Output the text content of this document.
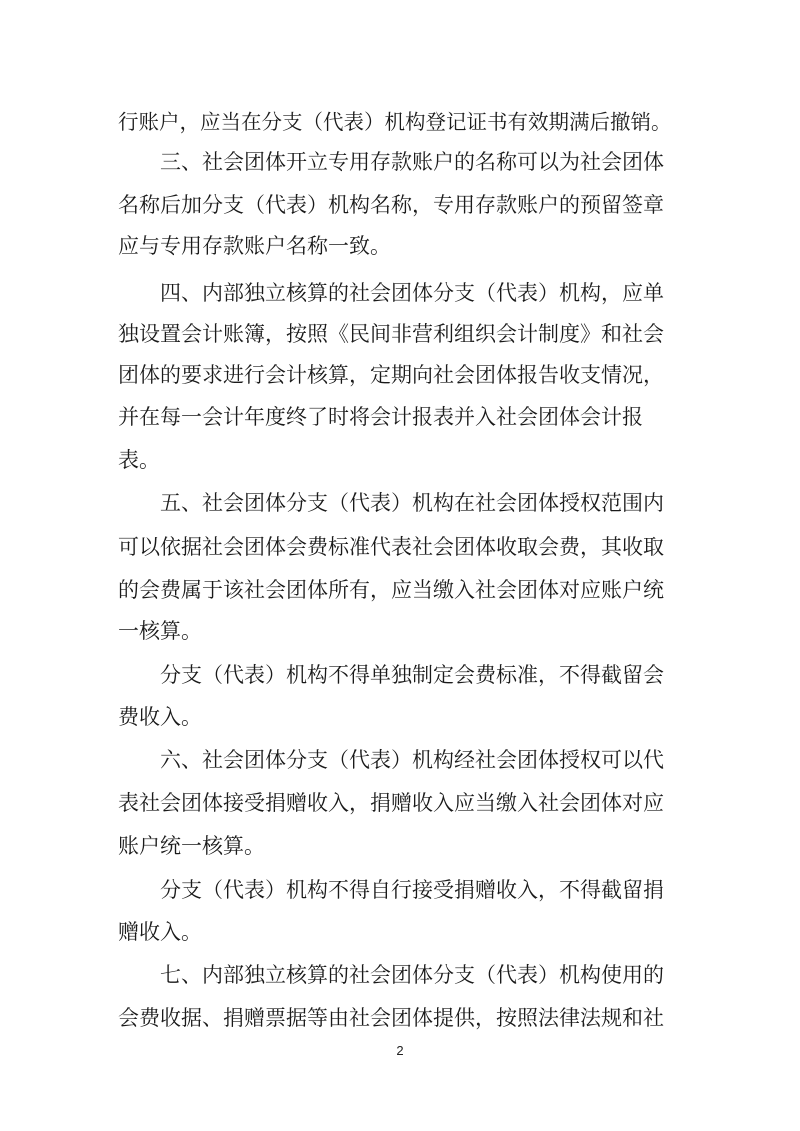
行账户，应当在分支（代表）机构登记证书有效期满后撤销。
三、社会团体开立专用存款账户的名称可以为社会团体
名称后加分支（代表）机构名称，专用存款账户的预留签章
应与专用存款账户名称一致。
四、内部独立核算的社会团体分支（代表）机构，应单
独设置会计账簿，按照《民间非营利组织会计制度》和社会
团体的要求进行会计核算，定期向社会团体报告收支情况，
并在每一会计年度终了时将会计报表并入社会团体会计报
表。
五、社会团体分支（代表）机构在社会团体授权范围内
可以依据社会团体会费标准代表社会团体收取会费，其收取
的会费属于该社会团体所有，应当缴入社会团体对应账户统
一核算。
分支（代表）机构不得单独制定会费标准，不得截留会
费收入。
六、社会团体分支（代表）机构经社会团体授权可以代
表社会团体接受捐赠收入，捐赠收入应当缴入社会团体对应
账户统一核算。
分支（代表）机构不得自行接受捐赠收入，不得截留捐
赠收入。
七、内部独立核算的社会团体分支（代表）机构使用的
会费收据、捐赠票据等由社会团体提供，按照法律法规和社
2
